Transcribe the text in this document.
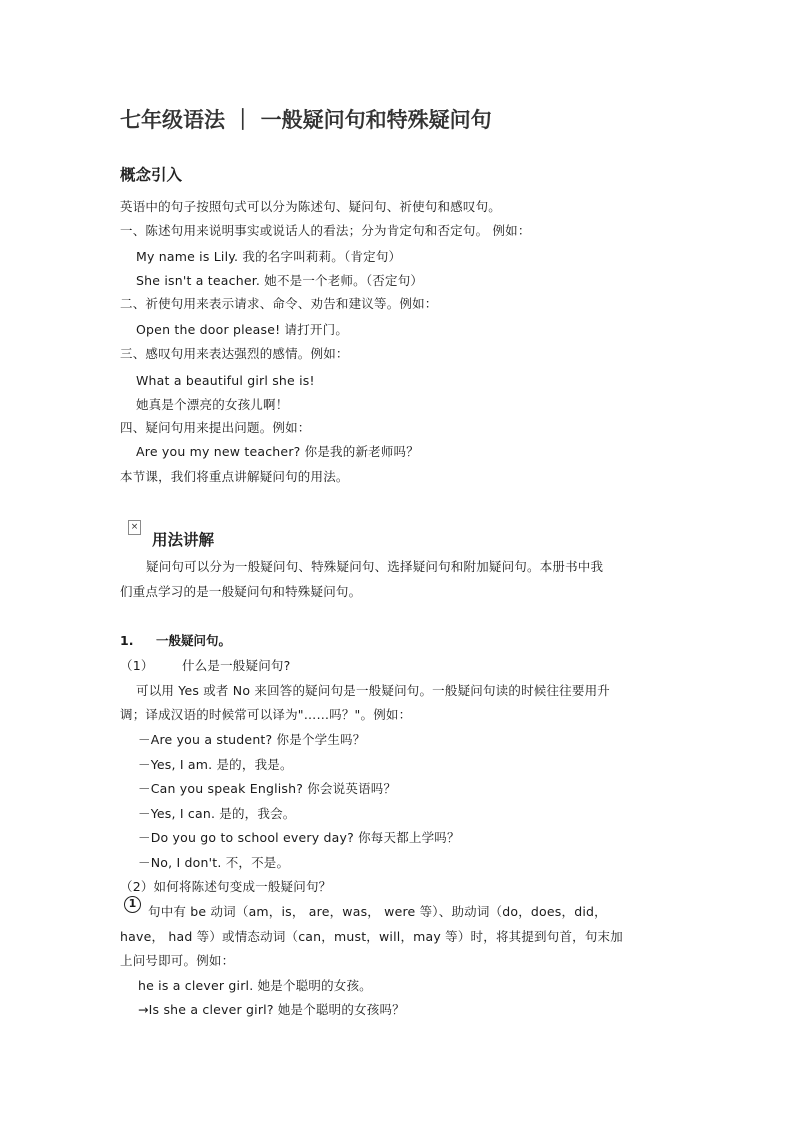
七年级语法 ｜ 一般疑问句和特殊疑问句
概念引入
英语中的句子按照句式可以分为陈述句、疑问句、祈使句和感叹句。
一、陈述句用来说明事实或说话人的看法；分为肯定句和否定句。 例如：
My name is Lily. 我的名字叫莉莉。（肯定句）
She isn't a teacher. 她不是一个老师。（否定句）
二、祈使句用来表示请求、命令、劝告和建议等。例如：
Open the door please! 请打开门。
三、感叹句用来表达强烈的感情。例如：
What a beautiful girl she is!
她真是个漂亮的女孩儿啊！
四、疑问句用来提出问题。例如：
Are you my new teacher? 你是我的新老师吗？
本节课，我们将重点讲解疑问句的用法。
×
用法讲解
疑问句可以分为一般疑问句、特殊疑问句、选择疑问句和附加疑问句。本册书中我
们重点学习的是一般疑问句和特殊疑问句。
1. 一般疑问句。
（1） 什么是一般疑问句?
可以用 Yes 或者 No 来回答的疑问句是一般疑问句。一般疑问句读的时候往往要用升
调；译成汉语的时候常可以译为"……吗？"。例如：
－Are you a student? 你是个学生吗？
－Yes, I am. 是的，我是。
－Can you speak English? 你会说英语吗？
－Yes, I can. 是的，我会。
－Do you go to school every day? 你每天都上学吗？
－No, I don't. 不，不是。
（2）如何将陈述句变成一般疑问句？
1
句中有 be 动词（am，is， are，was， were 等）、助动词（do，does，did，
have， had 等）或情态动词（can，must，will，may 等）时，将其提到句首，句末加
上问号即可。例如：
he is a clever girl. 她是个聪明的女孩。
→Is she a clever girl? 她是个聪明的女孩吗？
